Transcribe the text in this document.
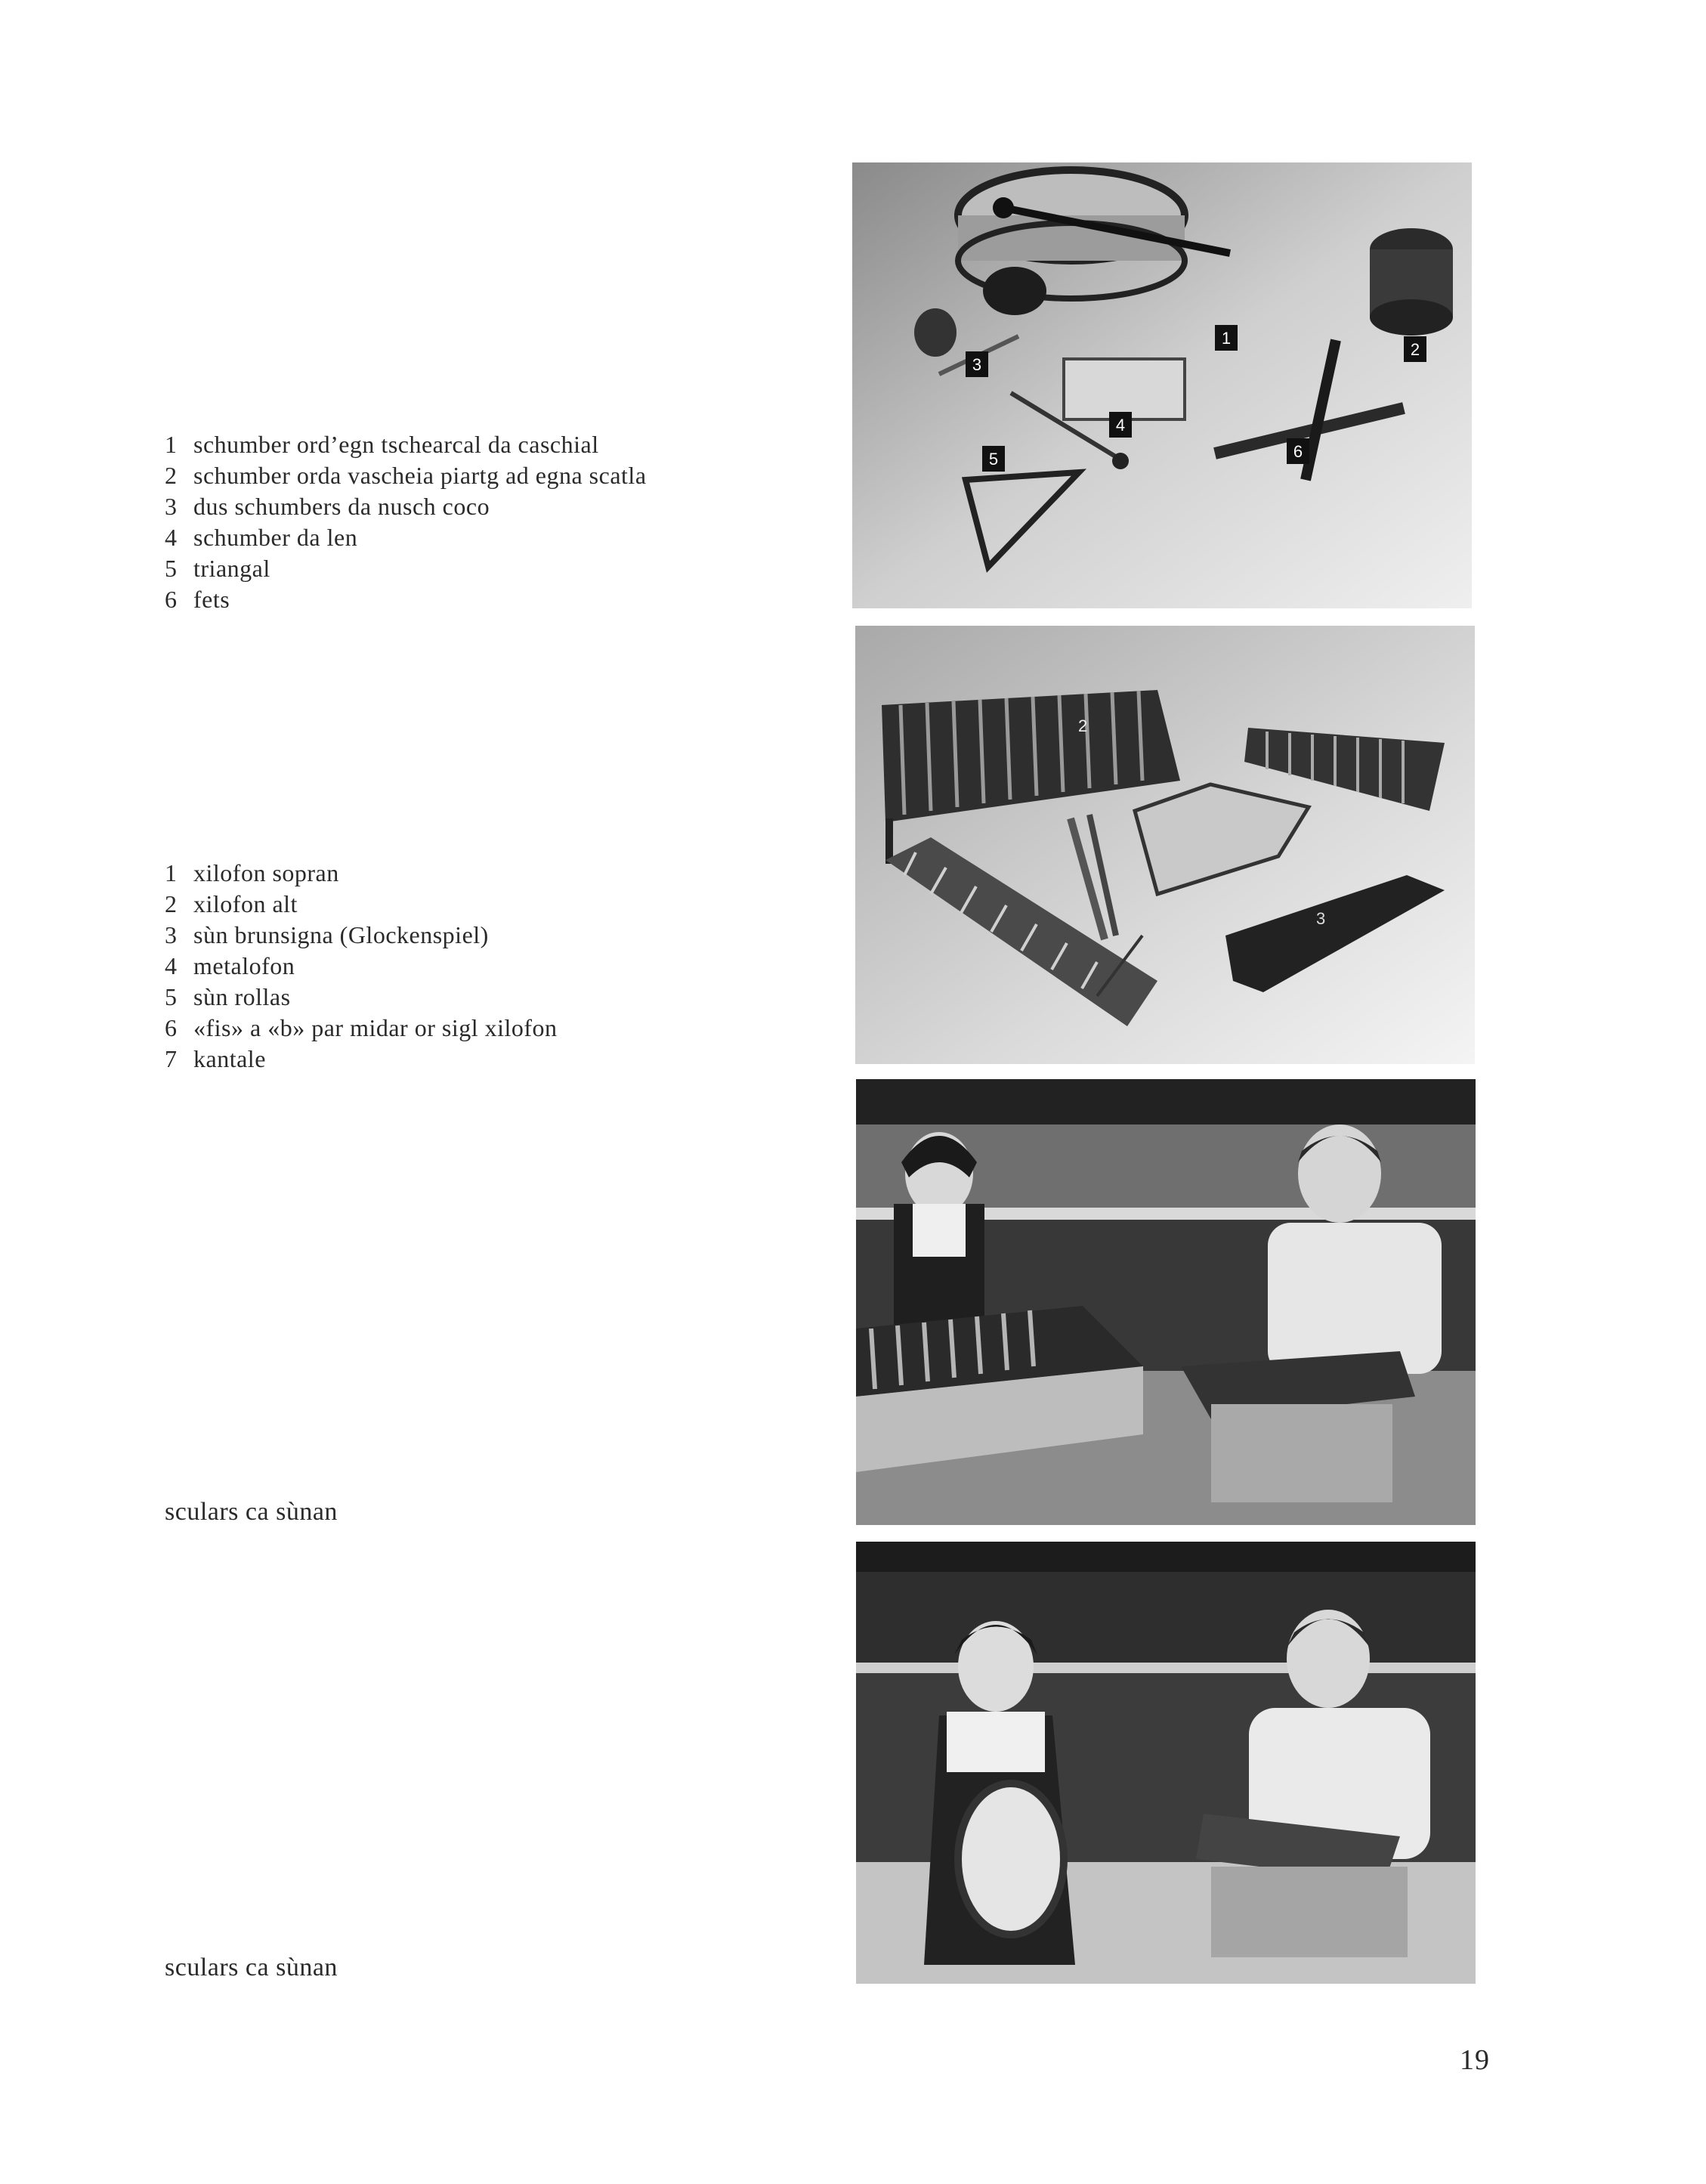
1 schumber ord’egn tschearcal da caschial
2 schumber orda vascheia piartg ad egna scatla
3 dus schumbers da nusch coco
4 schumber da len
5 triangal
6 fets
1 xilofon sopran
2 xilofon alt
3 sùn brunsigna (Glockenspiel)
4 metalofon
5 sùn rollas
6 «fis» a «b» par midar or sigl xilofon
7 kantale
sculars ca sùnan
sculars ca sùnan
1
2
3
4
5	6
3
2
19
